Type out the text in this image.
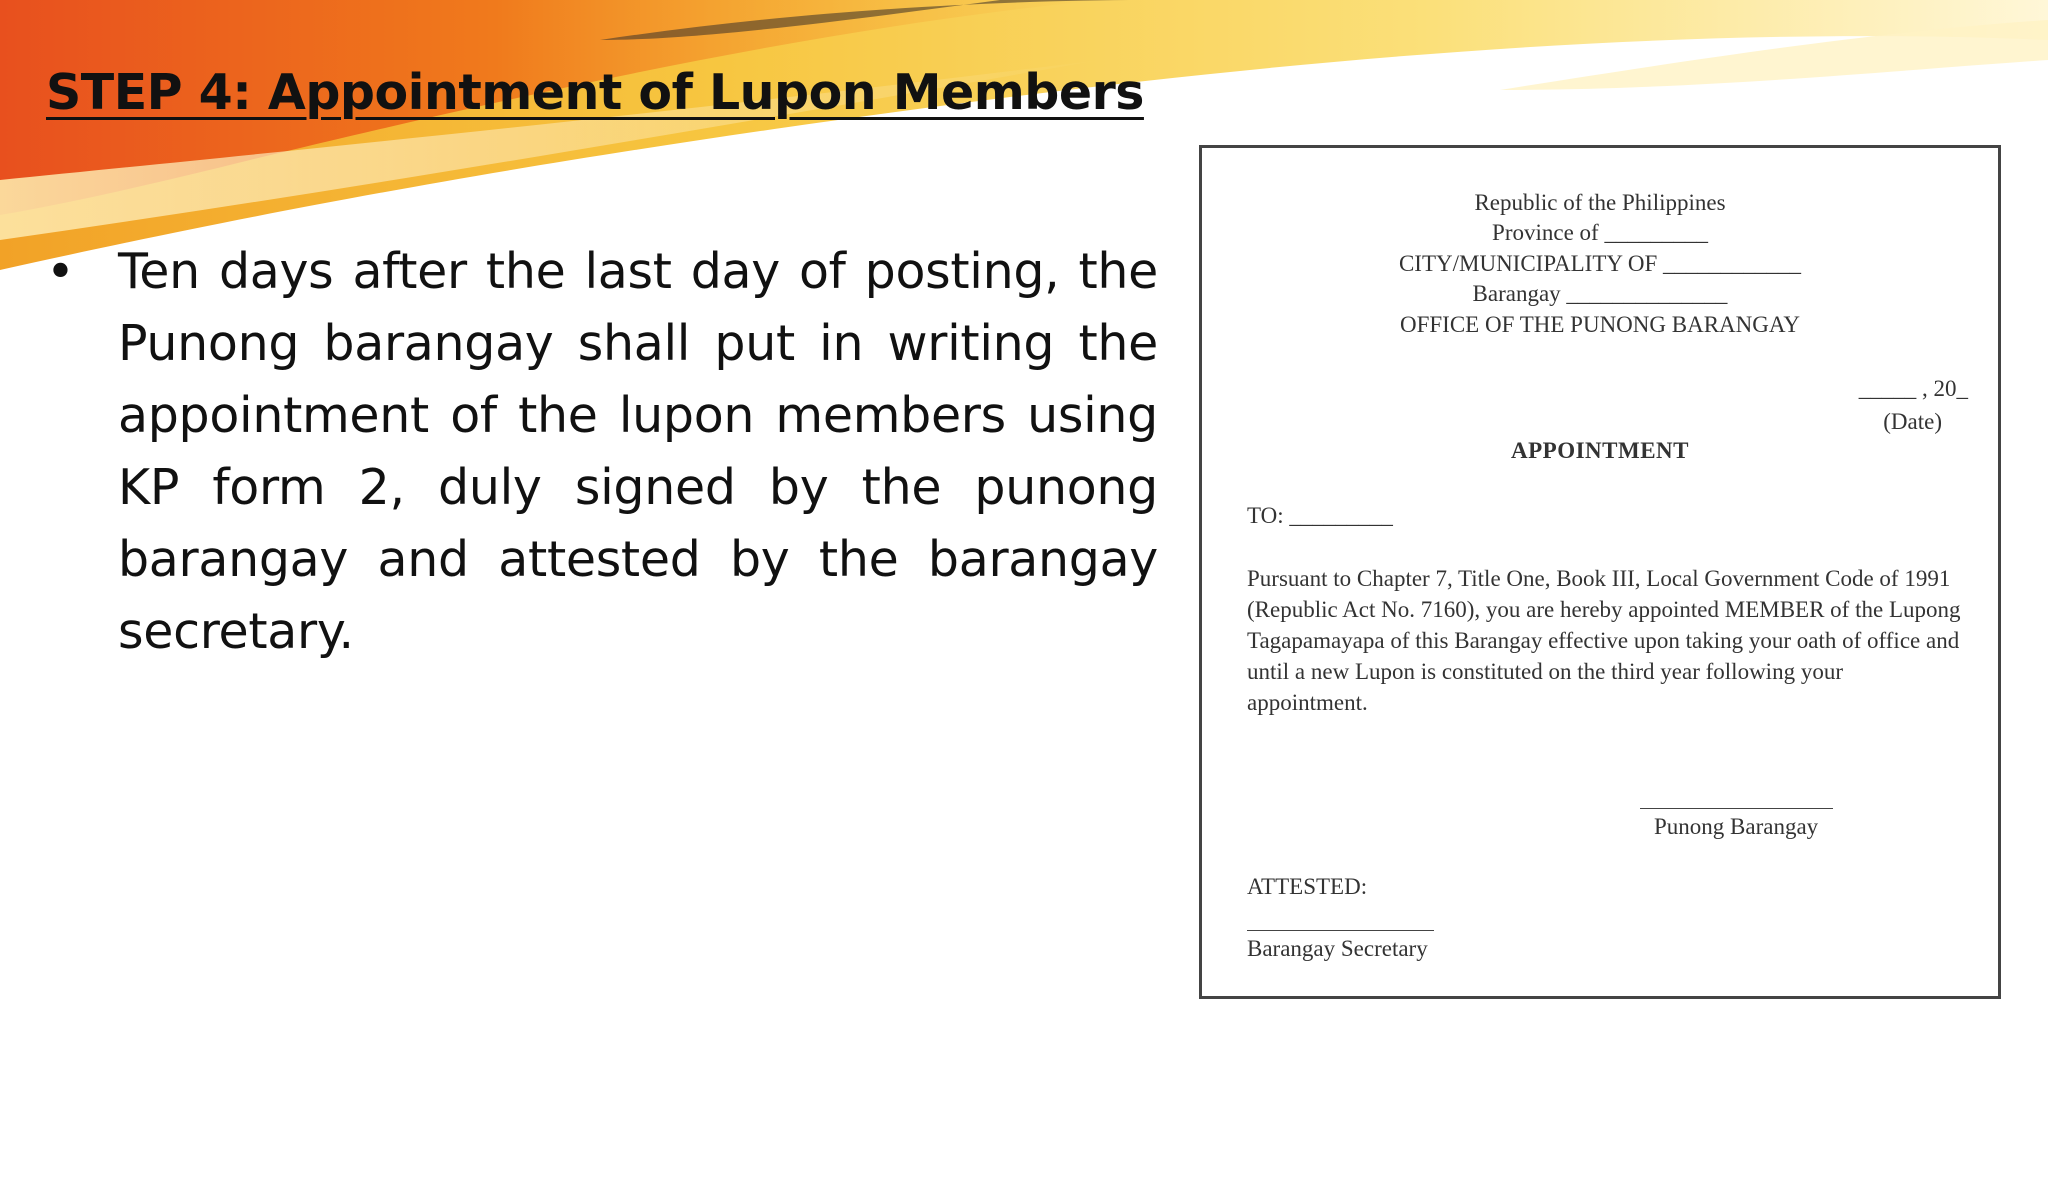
STEP 4: Appointment of Lupon Members
• Ten days after the last day of posting, the Punong barangay shall put in writing the appointment of the lupon members using KP form 2, duly signed by the punong barangay and attested by the barangay secretary.

Republic of the Philippines
Province of _________
CITY/MUNICIPALITY OF ____________
Barangay ______________
OFFICE OF THE PUNONG BARANGAY
_____ , 20_
(Date)
APPOINTMENT
TO: _________

Pursuant to Chapter 7, Title One, Book III, Local Government Code of 1991 (Republic Act No. 7160), you are hereby appointed MEMBER of the Lupong Tagapamayapa of this Barangay effective upon taking your oath of office and until a new Lupon is constituted on the third year following your appointment.

Punong Barangay
ATTESTED:
Barangay Secretary
